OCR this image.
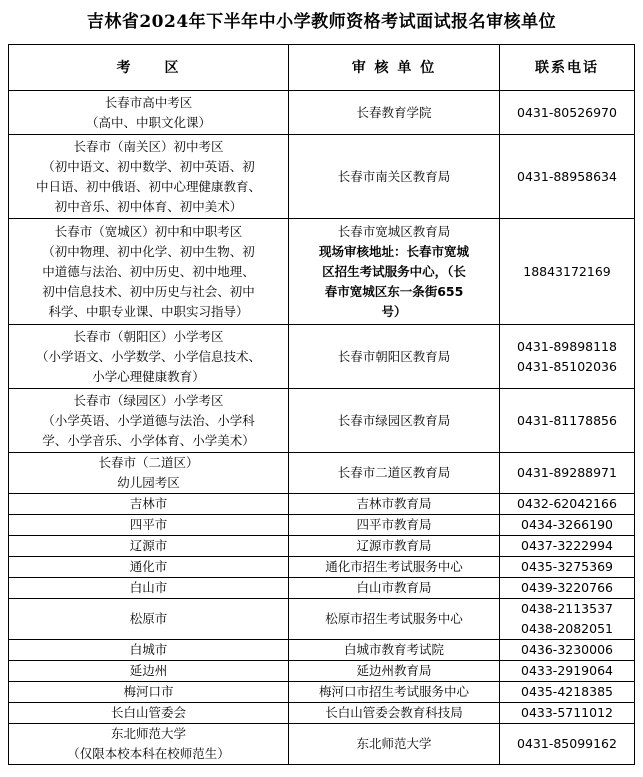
吉林省2024年下半年中小学教师资格考试面试报名审核单位
考　　区	审 核 单 位	联系电话

长春市高中考区
（高中、中职文化课）	长春教育学院	0431-80526970

长春市（南关区）初中考区
（初中语文、初中数学、初中英语、初
中日语、初中俄语、初中心理健康教育、
初中音乐、初中体育、初中美术）	长春市南关区教育局	0431-88958634

长春市（宽城区）初中和中职考区
（初中物理、初中化学、初中生物、初
中道德与法治、初中历史、初中地理、
初中信息技术、初中历史与社会、初中
科学、中职专业课、中职实习指导）	长春市宽城区教育局
现场审核地址：长春市宽城
区招生考试服务中心，（长
春市宽城区东一条街655
号）	18843172169

长春市（朝阳区）小学考区
（小学语文、小学数学、小学信息技术、
小学心理健康教育）	长春市朝阳区教育局	0431-89898118
0431-85102036

长春市（绿园区）小学考区
（小学英语、小学道德与法治、小学科
学、小学音乐、小学体育、小学美术）	长春市绿园区教育局	0431-81178856

长春市（二道区）
幼儿园考区	长春市二道区教育局	0431-89288971

吉林市	吉林市教育局	0432-62042166

四平市	四平市教育局	0434-3266190

辽源市	辽源市教育局	0437-3222994

通化市	通化市招生考试服务中心	0435-3275369

白山市	白山市教育局	0439-3220766

松原市	松原市招生考试服务中心	0438-2113537
0438-2082051

白城市	白城市教育考试院	0436-3230006

延边州	延边州教育局	0433-2919064

梅河口市	梅河口市招生考试服务中心	0435-4218385

长白山管委会	长白山管委会教育科技局	0433-5711012

东北师范大学
（仅限本校本科在校师范生）	东北师范大学	0431-85099162
